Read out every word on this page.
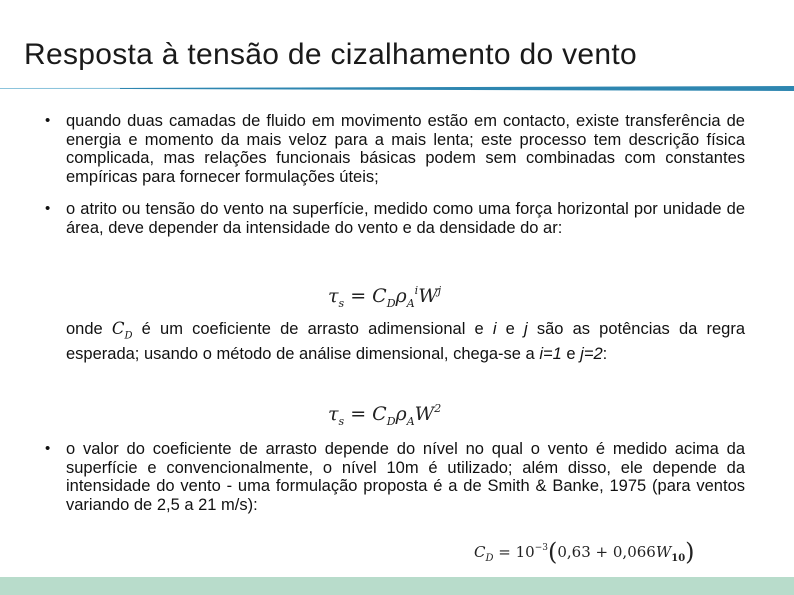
Resposta à tensão de cizalhamento do vento

• quando duas camadas de fluido em movimento estão em contacto, existe transferência de energia e momento da mais veloz para a mais lenta; este processo tem descrição física complicada, mas relações funcionais básicas podem sem combinadas com constantes empíricas para fornecer formulações úteis;

• o atrito ou tensão do vento na superfície, medido como uma força horizontal por unidade de área, deve depender da intensidade do vento e da densidade do ar:

onde $C_D$ é um coeficiente de arrasto adimensional e i e j são as potências da regra esperada; usando o método de análise dimensional, chega-se a i=1 e j=2:

• o valor do coeficiente de arrasto depende do nível no qual o vento é medido acima da superfície e convencionalmente, o nível 10m é utilizado; além disso, ele depende da intensidade do vento - uma formulação proposta é a de Smith & Banke, 1975 (para ventos variando de 2,5 a 21 m/s):

$\tau_s = C_D\rho_A^iW^j$
$\tau_s = C_D\rho_AW^2$
$C_D = 10^{-3}(0,63 + 0,066W_{10})$
